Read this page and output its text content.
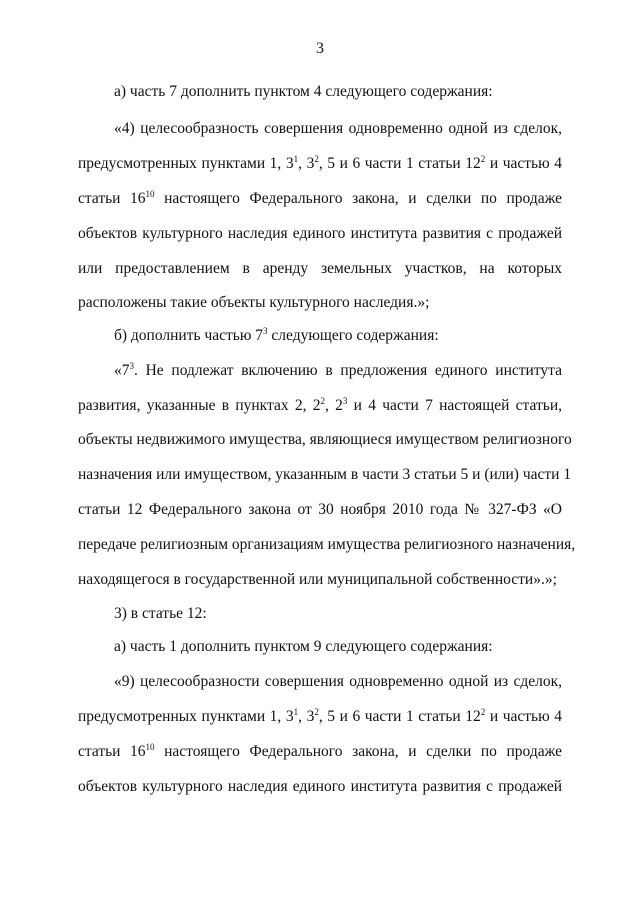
3
а) часть 7 дополнить пунктом 4 следующего содержания:
«4) целесообразность совершения одновременно одной из сделок,
предусмотренных пунктами 1, $3^1$, $3^2$, 5 и 6 части 1 статьи $12^2$ и частью 4
статьи $16^{10}$ настоящего Федерального закона, и сделки по продаже
объектов культурного наследия единого института развития с продажей
или предоставлением в аренду земельных участков, на которых
расположены такие объекты культурного наследия.»;
б) дополнить частью $7^3$ следующего содержания:
«$7^3$. Не подлежат включению в предложения единого института
развития, указанные в пунктах 2, $2^2$, $2^3$ и 4 части 7 настоящей статьи,
объекты недвижимого имущества, являющиеся имуществом религиозного
назначения или имуществом, указанным в части 3 статьи 5 и (или) части 1
статьи 12 Федерального закона от 30 ноября 2010 года № 327-ФЗ «О
передаче религиозным организациям имущества религиозного назначения,
находящегося в государственной или муниципальной собственности».»;
3) в статье 12:
а) часть 1 дополнить пунктом 9 следующего содержания:
«9) целесообразности совершения одновременно одной из сделок,
предусмотренных пунктами 1, $3^1$, $3^2$, 5 и 6 части 1 статьи $12^2$ и частью 4
статьи $16^{10}$ настоящего Федерального закона, и сделки по продаже
объектов культурного наследия единого института развития с продажей
